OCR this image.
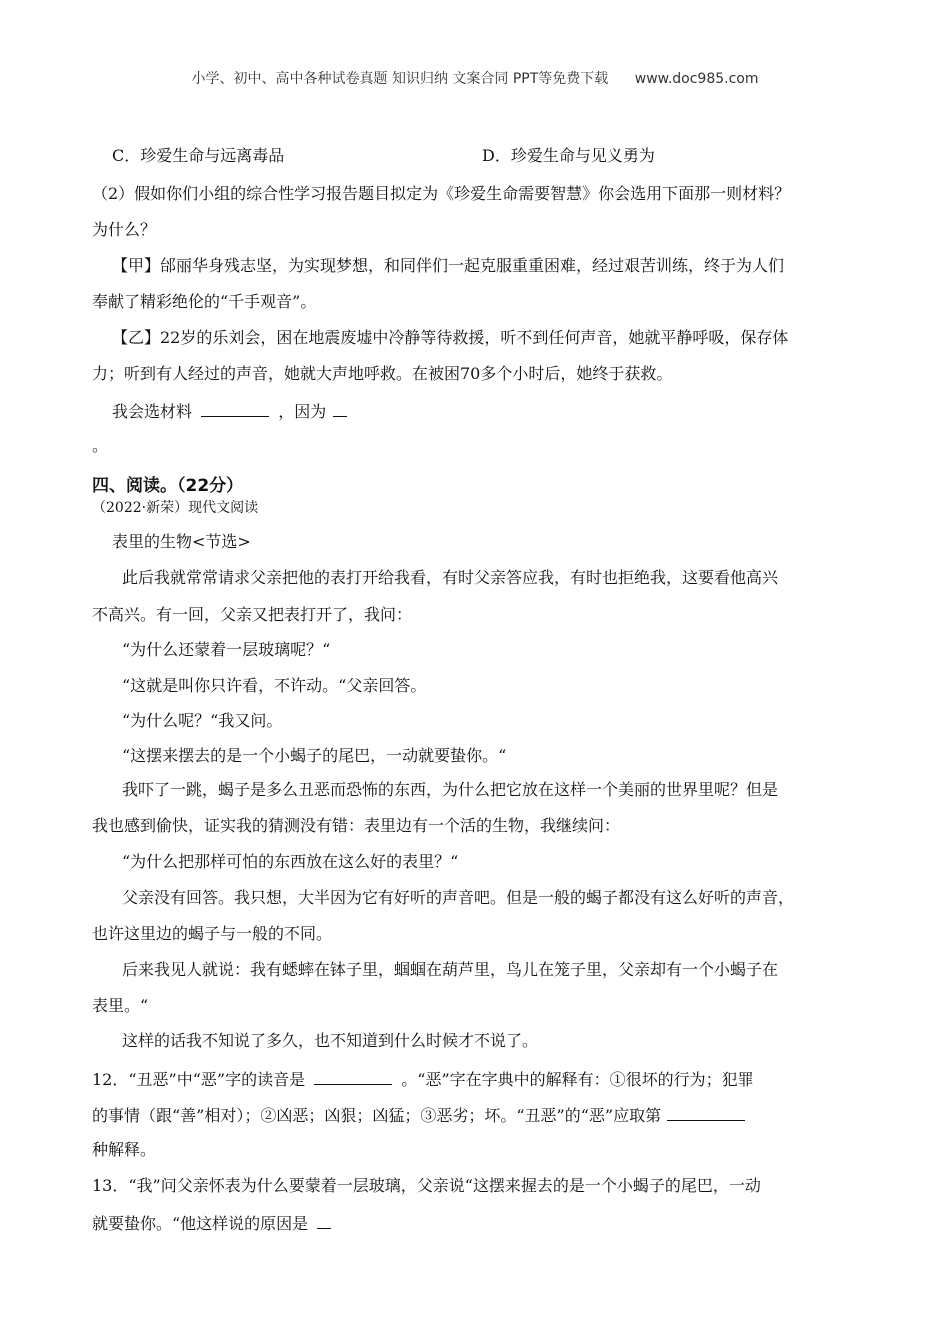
小学、初中、高中各种试卷真题 知识归纳 文案合同 PPT等免费下载 www.doc985.com
C．珍爱生命与远离毒品	D．珍爱生命与见义勇为
（2）假如你们小组的综合性学习报告题目拟定为《珍爱生命需要智慧》你会选用下面那一则材料？
为什么？
【甲】邰丽华身残志坚，为实现梦想，和同伴们一起克服重重困难，经过艰苦训练，终于为人们
奉献了精彩绝伦的“千手观音”。
【乙】22岁的乐刘会，困在地震废墟中冷静等待救援，听不到任何声音，她就平静呼吸，保存体
力；听到有人经过的声音，她就大声地呼救。在被困70多个小时后，她终于获救。
我会选材料	，因为
。
四、阅读。（22分）
（2022·新荣）现代文阅读
表里的生物<节选>
此后我就常常请求父亲把他的表打开给我看，有时父亲答应我，有时也拒绝我，这要看他高兴
不高兴。有一回，父亲又把表打开了，我问：
“为什么还蒙着一层玻璃呢？“
“这就是叫你只许看，不许动。“父亲回答。
“为什么呢？“我又问。
“这摆来摆去的是一个小蝎子的尾巴，一动就要蛰你。“
我吓了一跳，蝎子是多么丑恶而恐怖的东西，为什么把它放在这样一个美丽的世界里呢？但是
我也感到偷快，证实我的猜测没有错：表里边有一个活的生物，我继续问：
“为什么把那样可怕的东西放在这么好的表里？“
父亲没有回答。我只想，大半因为它有好听的声音吧。但是一般的蝎子都没有这么好听的声音，
也许这里边的蝎子与一般的不同。
后来我见人就说：我有蟋蟀在钵子里，蝈蝈在葫芦里，鸟儿在笼子里，父亲却有一个小蝎子在
表里。“
这样的话我不知说了多久，也不知道到什么时候才不说了。
12．“丑恶”中“恶”字的读音是	。“恶”字在字典中的解释有：①很坏的行为；犯罪
的事情（跟“善”相对）；②凶恶；凶狠；凶猛；③恶劣；坏。“丑恶”的“恶”应取第
种解释。
13．“我”问父亲怀表为什么要蒙着一层玻璃，父亲说“这摆来握去的是一个小蝎子的尾巴，一动
就要蛰你。“他这样说的原因是
